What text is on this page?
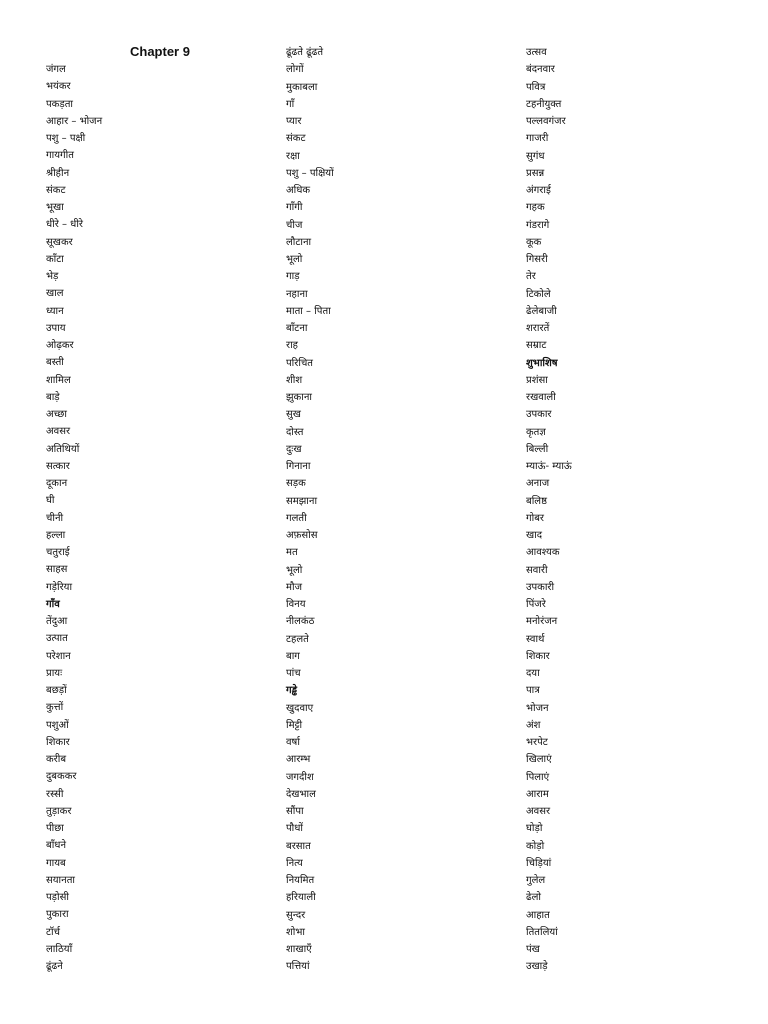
Chapter 9
जंगल
भयंकर
पकड़ता
आहार – भोजन
पशु – पक्षी
गायगीत
श्रीहीन
संकट
भूखा
धीरे – धीरे
सूखकर
काँटा
भेड़
खाल
ध्यान
उपाय
ओढ़कर
बस्ती
शामिल
बाड़े
अच्छा
अवसर
अतिथियों
सत्कार
दूकान
घी
चीनी
हल्ला
चतुराई
साहस
गड़ेरिया
गाँव
तेंदुआ
उत्पात
परेशान
प्रायः
बछड़ों
कुत्तों
पशुओं
शिकार
करीब
दुबककर
रस्सी
तुड़ाकर
पीछा
बाँधने
गायब
सयानता
पड़ोसी
पुकारा
टॉर्च
लाठियाँ
ढूंढने
ढूंढते ढूंढते
लोगों
मुकाबला
गाँ
प्यार
संकट
रक्षा
पशु – पक्षियों
अधिक
गाँगी
चीज
लौटाना
भूलो
गाड़
नहाना
माता – पिता
बाँटना
राह
परिचित
शीश
झुकाना
सुख
दोस्त
दुःख
गिनाना
सड़क
समझाना
गलती
अफ़सोस
मत
भूलो
मौज
विनय
नीलकंठ
टहलते
बाग
पांच
गड्ढे
खुदवाए
मिट्टी
वर्षा
आरम्भ
जगदीश
देखभाल
सौंपा
पौधों
बरसात
नित्य
नियमित
हरियाली
सुन्दर
शोभा
शाखाएँ
पत्तियां
उत्सव
बंदनवार
पवित्र
टहनीयुक्त
पल्लवगंजर
गाजरी
सुगंध
प्रसन्न
अंगराई
गहक
गंडरागे
कूक
गिसरी
तेर
टिकोले
ढेलेबाजी
शरारतें
सम्राट
शुभाशिष
प्रशंसा
रखवाली
उपकार
कृतज्ञ
बिल्ली
म्याऊं- म्याऊं
अनाज
बलिष्ठ
गोबर
खाद
आवश्यक
सवारी
उपकारी
पिंजरे
मनोरंजन
स्वार्थ
शिकार
दया
पात्र
भोजन
अंश
भरपेट
खिलाएं
पिलाएं
आराम
अवसर
घोड़ो
कोड़ो
चिड़ियां
गुलेल
ढेलो
आहात
तितलियां
पंख
उखाड़े
